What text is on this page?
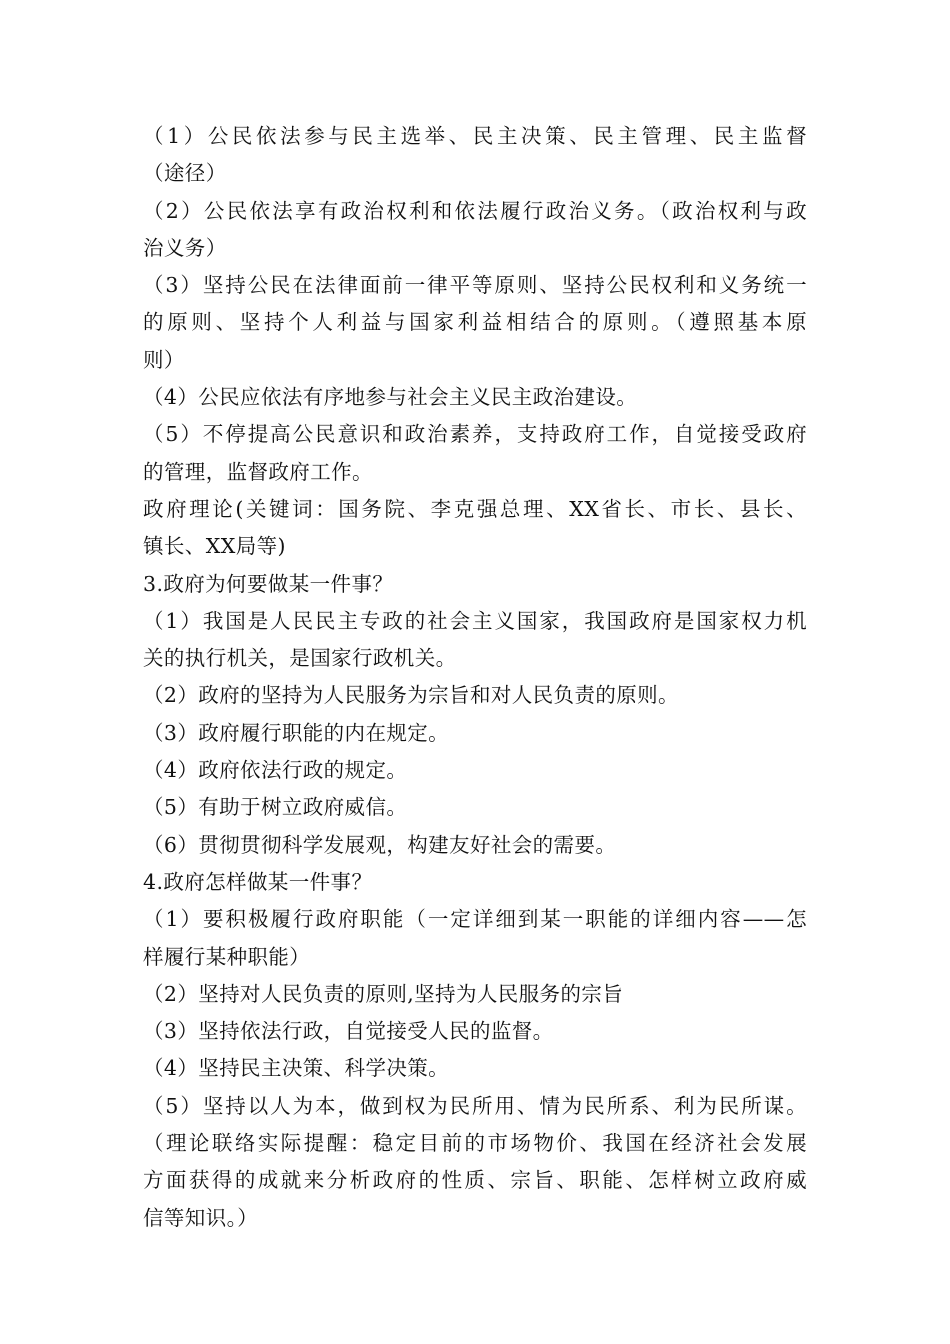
（1）公民依法参与民主选举、民主决策、民主管理、民主监督
（途径）
（2）公民依法享有政治权利和依法履行政治义务。（政治权利与政
治义务）
（3）坚持公民在法律面前一律平等原则、坚持公民权利和义务统一
的原则、坚持个人利益与国家利益相结合的原则。（遵照基本原
则）
（4）公民应依法有序地参与社会主义民主政治建设。
（5）不停提高公民意识和政治素养，支持政府工作，自觉接受政府
的管理，监督政府工作。
政府理论(关键词：国务院、李克强总理、XX省长、市长、县长、
镇长、XX局等)
3.政府为何要做某一件事？
（1）我国是人民民主专政的社会主义国家，我国政府是国家权力机
关的执行机关，是国家行政机关。
（2）政府的坚持为人民服务为宗旨和对人民负责的原则。
（3）政府履行职能的内在规定。
（4）政府依法行政的规定。
（5）有助于树立政府威信。
（6）贯彻贯彻科学发展观，构建友好社会的需要。
4.政府怎样做某一件事？
（1）要积极履行政府职能（一定详细到某一职能的详细内容——怎
样履行某种职能）
（2）坚持对人民负责的原则,坚持为人民服务的宗旨
（3）坚持依法行政，自觉接受人民的监督。
（4）坚持民主决策、科学决策。
（5）坚持以人为本，做到权为民所用、情为民所系、利为民所谋。
（理论联络实际提醒：稳定目前的市场物价、我国在经济社会发展
方面获得的成就来分析政府的性质、宗旨、职能、怎样树立政府威
信等知识。）
